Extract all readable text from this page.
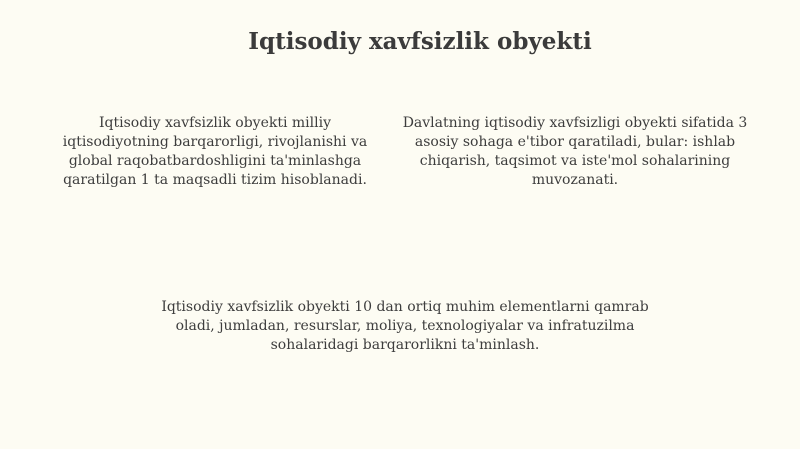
Iqtisodiy xavfsizlik obyekti
Iqtisodiy xavfsizlik obyekti milliy iqtisodiyotning barqarorligi, rivojlanishi va global raqobatbardoshligini ta'minlashga qaratilgan 1 ta maqsadli tizim hisoblanadi.
Davlatning iqtisodiy xavfsizligi obyekti sifatida 3 asosiy sohaga e'tibor qaratiladi, bular: ishlab chiqarish, taqsimot va iste'mol sohalarining muvozanati.
Iqtisodiy xavfsizlik obyekti 10 dan ortiq muhim elementlarni qamrab oladi, jumladan, resurslar, moliya, texnologiyalar va infratuzilma sohalaridagi barqarorlikni ta'minlash.
